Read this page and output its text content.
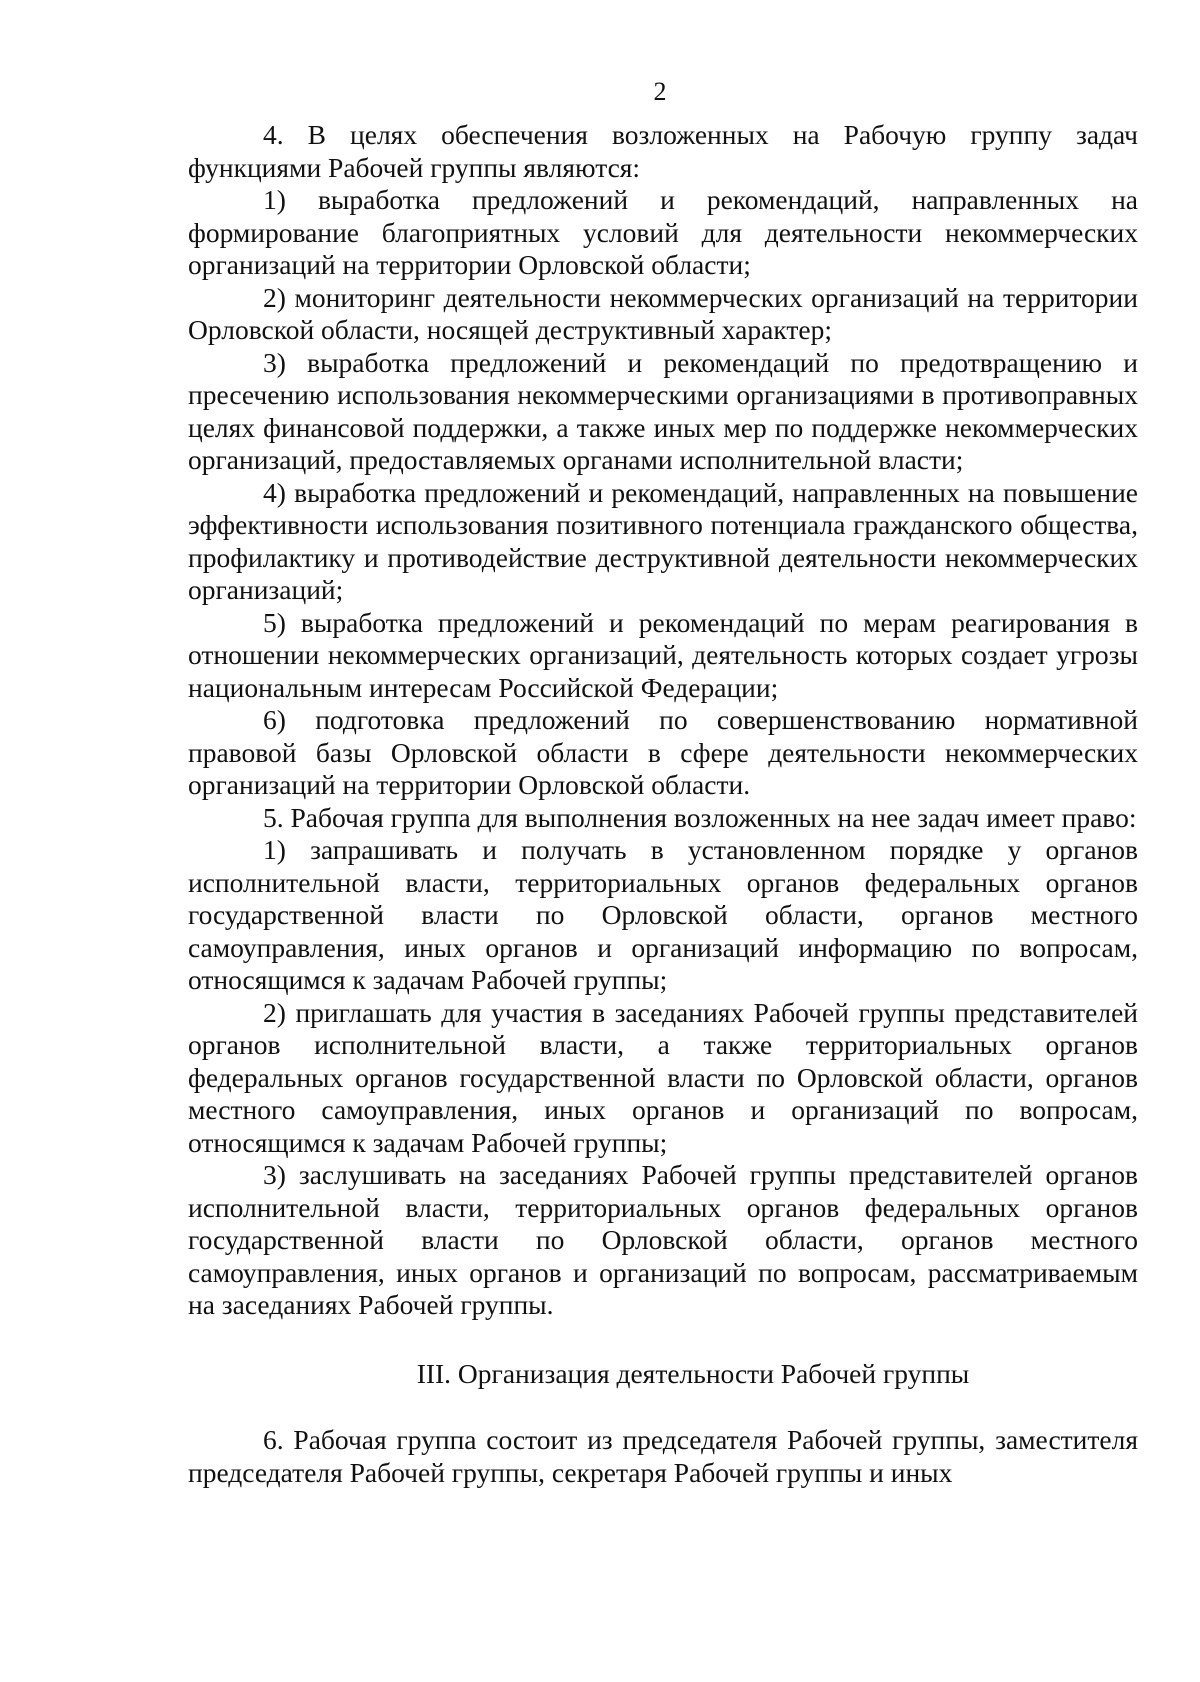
2

4. В целях обеспечения возложенных на Рабочую группу задач функциями Рабочей группы являются:

1) выработка предложений и рекомендаций, направленных на формирование благоприятных условий для деятельности некоммерческих организаций на территории Орловской области;

2) мониторинг деятельности некоммерческих организаций на территории Орловской области, носящей деструктивный характер;

3) выработка предложений и рекомендаций по предотвращению и пресечению использования некоммерческими организациями в противоправных целях финансовой поддержки, а также иных мер по поддержке некоммерческих организаций, предоставляемых органами исполнительной власти;

4) выработка предложений и рекомендаций, направленных на повышение эффективности использования позитивного потенциала гражданского общества, профилактику и противодействие деструктивной деятельности некоммерческих организаций;

5) выработка предложений и рекомендаций по мерам реагирования в отношении некоммерческих организаций, деятельность которых создает угрозы национальным интересам Российской Федерации;

6) подготовка предложений по совершенствованию нормативной правовой базы Орловской области в сфере деятельности некоммерческих организаций на территории Орловской области.

5. Рабочая группа для выполнения возложенных на нее задач имеет право:

1) запрашивать и получать в установленном порядке у органов исполнительной власти, территориальных органов федеральных органов государственной власти по Орловской области, органов местного самоуправления, иных органов и организаций информацию по вопросам, относящимся к задачам Рабочей группы;

2) приглашать для участия в заседаниях Рабочей группы представителей органов исполнительной власти, а также территориальных органов федеральных органов государственной власти по Орловской области, органов местного самоуправления, иных органов и организаций по вопросам, относящимся к задачам Рабочей группы;

3) заслушивать на заседаниях Рабочей группы представителей органов исполнительной власти, территориальных органов федеральных органов государственной власти по Орловской области, органов местного самоуправления, иных органов и организаций по вопросам, рассматриваемым на заседаниях Рабочей группы.

III. Организация деятельности Рабочей группы

6. Рабочая группа состоит из председателя Рабочей группы, заместителя председателя Рабочей группы, секретаря Рабочей группы и иных
